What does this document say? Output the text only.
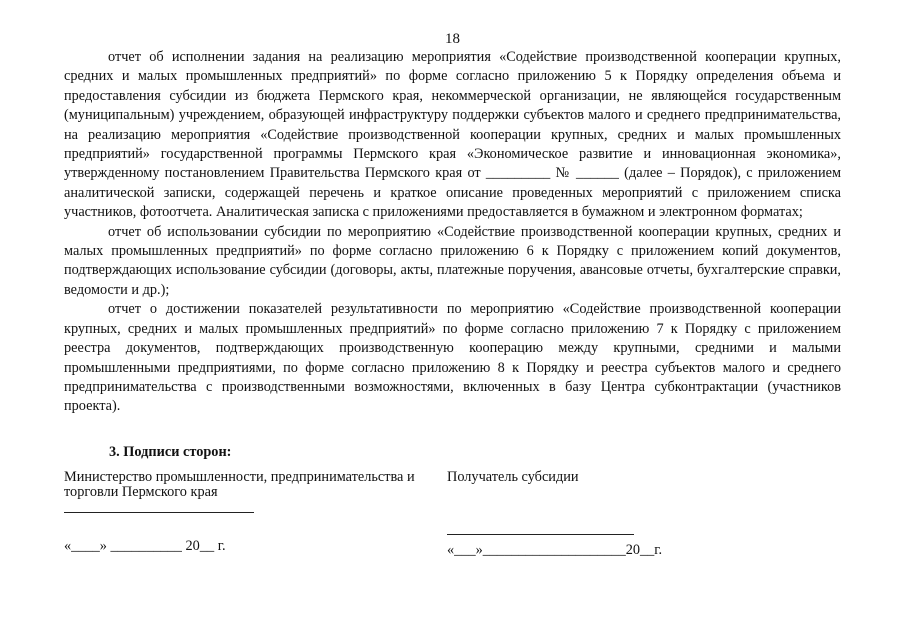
18

отчет об исполнении задания на реализацию мероприятия «Содействие производственной кооперации крупных, средних и малых промышленных предприятий» по форме согласно приложению 5 к Порядку определения объема и предоставления субсидии из бюджета Пермского края, некоммерческой организации, не являющейся государственным (муниципальным) учреждением, образующей инфраструктуру поддержки субъектов малого и среднего предпринимательства, на реализацию мероприятия «Содействие производственной кооперации крупных, средних и малых промышленных предприятий» государственной программы Пермского края «Экономическое развитие и инновационная экономика», утвержденному постановлением Правительства Пермского края от _________ № ______ (далее – Порядок), с приложением аналитической записки, содержащей перечень и краткое описание проведенных мероприятий с приложением списка участников, фотоотчета. Аналитическая записка с приложениями предоставляется в бумажном и электронном форматах;

отчет об использовании субсидии по мероприятию «Содействие производственной кооперации крупных, средних и малых промышленных предприятий» по форме согласно приложению 6 к Порядку с приложением копий документов, подтверждающих использование субсидии (договоры, акты, платежные поручения, авансовые отчеты, бухгалтерские справки, ведомости и др.);

отчет о достижении показателей результативности по мероприятию «Содействие производственной кооперации крупных, средних и малых промышленных предприятий» по форме согласно приложению 7 к Порядку с приложением реестра документов, подтверждающих производственную кооперацию между крупными, средними и малыми промышленными предприятиями, по форме согласно приложению 8 к Порядку и реестра субъектов малого и среднего предпринимательства с производственными возможностями, включенных в базу Центра субконтрактации (участников проекта).

3. Подписи сторон:
Министерство промышленности, предпринимательства и торговли Пермского края
Получатель субсидии
«____» __________ 20__ г.	«___»____________________20__г.
